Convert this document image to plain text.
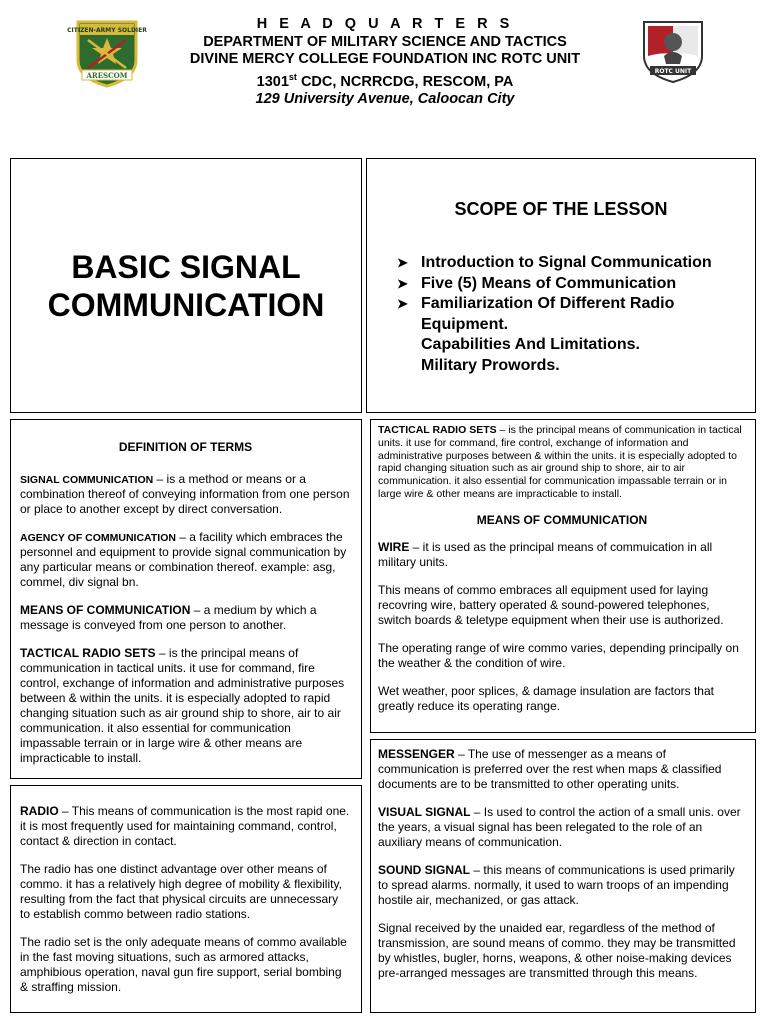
H E A D Q U A R T E R S
DEPARTMENT OF MILITARY SCIENCE AND TACTICS
DIVINE MERCY COLLEGE FOUNDATION INC ROTC UNIT
1301st CDC, NCRRCDG, RESCOM, PA
129 University Avenue, Caloocan City
CITIZEN-ARMY SOLDIER
ARESCOM	ROTC UNIT
BASIC SIGNAL
COMMUNICATION
SCOPE OF THE LESSON
➤ Introduction to Signal Communication
➤ Five (5) Means of Communication
➤ Familiarization Of Different Radio
Equipment.
Capabilities And Limitations.
Military Prowords.

DEFINITION OF TERMS

SIGNAL COMMUNICATION – is a method or means or a combination thereof of conveying information from one person or place to another except by direct conversation.

AGENCY OF COMMUNICATION – a facility which embraces the personnel and equipment to provide signal communication by any particular means or combination thereof. example: asg, commel, div signal bn.

MEANS OF COMMUNICATION – a medium by which a message is conveyed from one person to another.

TACTICAL RADIO SETS – is the principal means of communication in tactical units. it use for command, fire control, exchange of information and administrative purposes between & within the units. it is especially adopted to rapid changing situation such as air ground ship to shore, air to air communication. it also essential for communication impassable terrain or in large wire & other means are impracticable to install.

RADIO – This means of communication is the most rapid one. it is most frequently used for maintaining command, control, contact & direction in contact.

The radio has one distinct advantage over other means of commo. it has a relatively high degree of mobility & flexibility, resulting from the fact that physical circuits are unnecessary to establish commo between radio stations.

The radio set is the only adequate means of commo available in the fast moving situations, such as armored attacks, amphibious operation, naval gun fire support, serial bombing & straffing mission.

TACTICAL RADIO SETS – is the principal means of communication in tactical units. it use for command, fire control, exchange of information and administrative purposes between & within the units. it is especially adopted to rapid changing situation such as air ground ship to shore, air to air communication. it also essential for communication impassable terrain or in large wire & other means are impracticable to install.

MEANS OF COMMUNICATION

WIRE – it is used as the principal means of commuication in all military units.

This means of commo embraces all equipment used for laying recovring wire, battery operated & sound-powered telephones, switch boards & teletype equipment when their use is authorized.

The operating range of wire commo varies, depending principally on the weather & the condition of wire.

Wet weather, poor splices, & damage insulation are factors that greatly reduce its operating range.

MESSENGER – The use of messenger as a means of communication is preferred over the rest when maps & classified documents are to be transmitted to other operating units.

VISUAL SIGNAL – Is used to control the action of a small unis. over the years, a visual signal has been relegated to the role of an auxiliary means of communication.

SOUND SIGNAL – this means of communications is used primarily to spread alarms. normally, it used to warn troops of an impending hostile air, mechanized, or gas attack.

Signal received by the unaided ear, regardless of the method of transmission, are sound means of commo. they may be transmitted by whistles, bugler, horns, weapons, & other noise-making devices pre-arranged messages are transmitted through this means.
